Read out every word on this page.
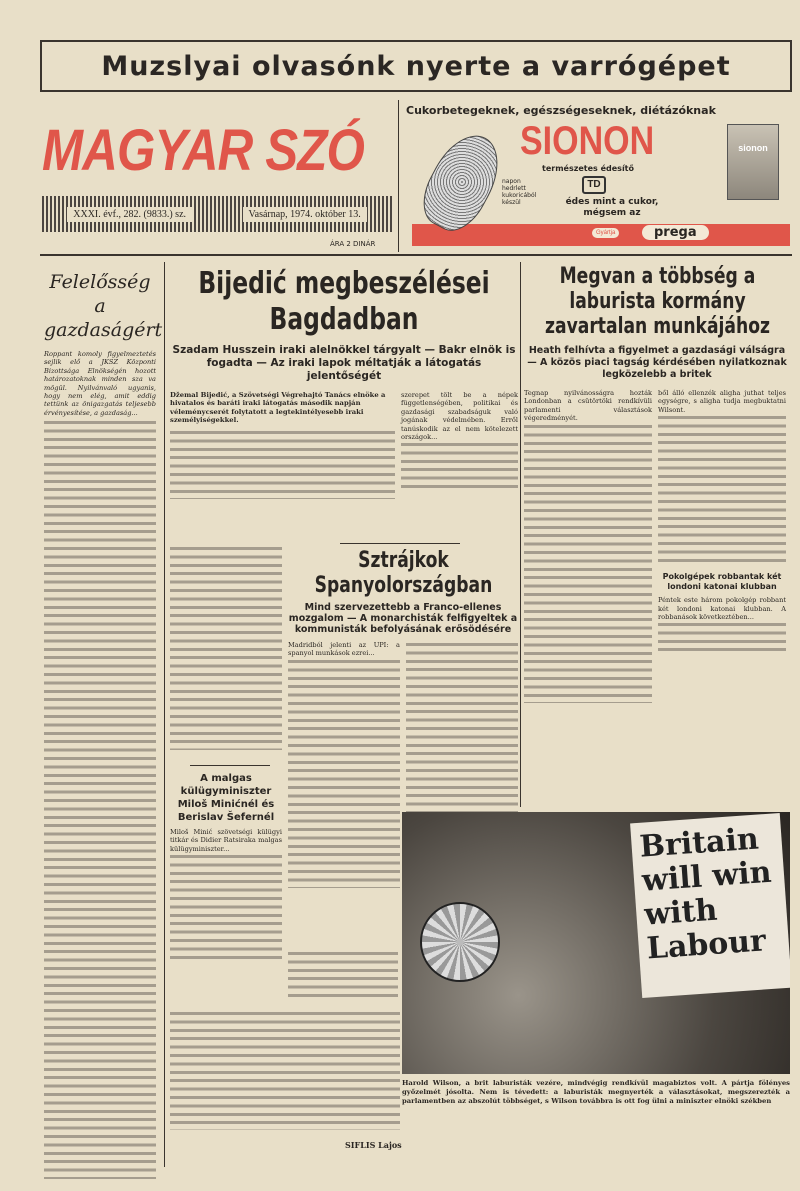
Muzslyai olvasónk nyerte a varrógépet
MAGYAR SZÓ
XXXI. évf., 282. (9833.) sz.	Vasárnap, 1974. október 13.
ÁRA 2 DINÁR
Cukorbetegeknek, egészségeseknek, diétázóknak
SIONON
természetes édesítő
napon hedrlett kukoricából készül
TD
édes mint a cukor, mégsem az
sionon
Gyártja	prega
Felelősség a gazdaságért
Roppant komoly figyelmeztetés sejlik elő a JKSZ Központi Bizottsága Elnökségén hozott határozatoknak minden sza va mögül. Nyilvánvaló ugyanis, hogy nem elég, amit eddig tettünk az önigazgatás teljesebb érvényesítése, a gazdaság...
Bijedić megbeszélései Bagdadban
Szadam Husszein iraki alelnökkel tárgyalt — Bakr elnök is fogadta — Az iraki lapok méltatják a látogatás jelentőségét
Džemal Bijedić, a Szövetségi Végrehajtó Tanács elnöke a hivatalos és baráti iraki látogatás második napján véleménycserét folytatott a legtekintélyesebb iraki személyiségekkel.
szerepet tölt be a népek függetlenségében, politikai és gazdasági szabadságuk való jogának védelmében. Erről tanúskodik az el nem kötelezett országok...
A malgas külügyminiszter Miloš Minićnél és Berislav Šefernél
Miloš Minić szövetségi külügyi titkár és Didier Ratsiraka malgas külügyminiszter...
Sztrájkok Spanyolországban
Mind szervezettebb a Franco-ellenes mozgalom — A monarchisták felfigyeltek a kommunisták befolyásának erősödésére
Madridból jelenti az UPI: a spanyol munkások ezrei...
SIFLIS Lajos
Megvan a többség a laburista kormány zavartalan munkájához
Heath felhívta a figyelmet a gazdasági válságra — A közös piaci tagság kérdésében nyilatkoznak legközelebb a britek
Tegnap nyilvánosságra hozták Londonban a csütörtöki rendkívüli parlamenti választások végeredményét.
ből álló ellenzék aligha juthat teljes egységre, s aligha tudja megbuktatni Wilsont.
Pokolgépek robbantak két londoni katonai klubban
Péntek este három pokolgép robbant két londoni katonai klubban. A robbanások következtében...
Britain will win with Labour
Harold Wilson, a brit laburisták vezére, mindvégig rendkívül magabiztos volt. A pártja fölényes győzelmét jósolta. Nem is tévedett: a laburisták megnyerték a választásokat, megszerezték a parlamentben az abszolút többséget, s Wilson továbbra is ott fog ülni a miniszter elnöki székben
